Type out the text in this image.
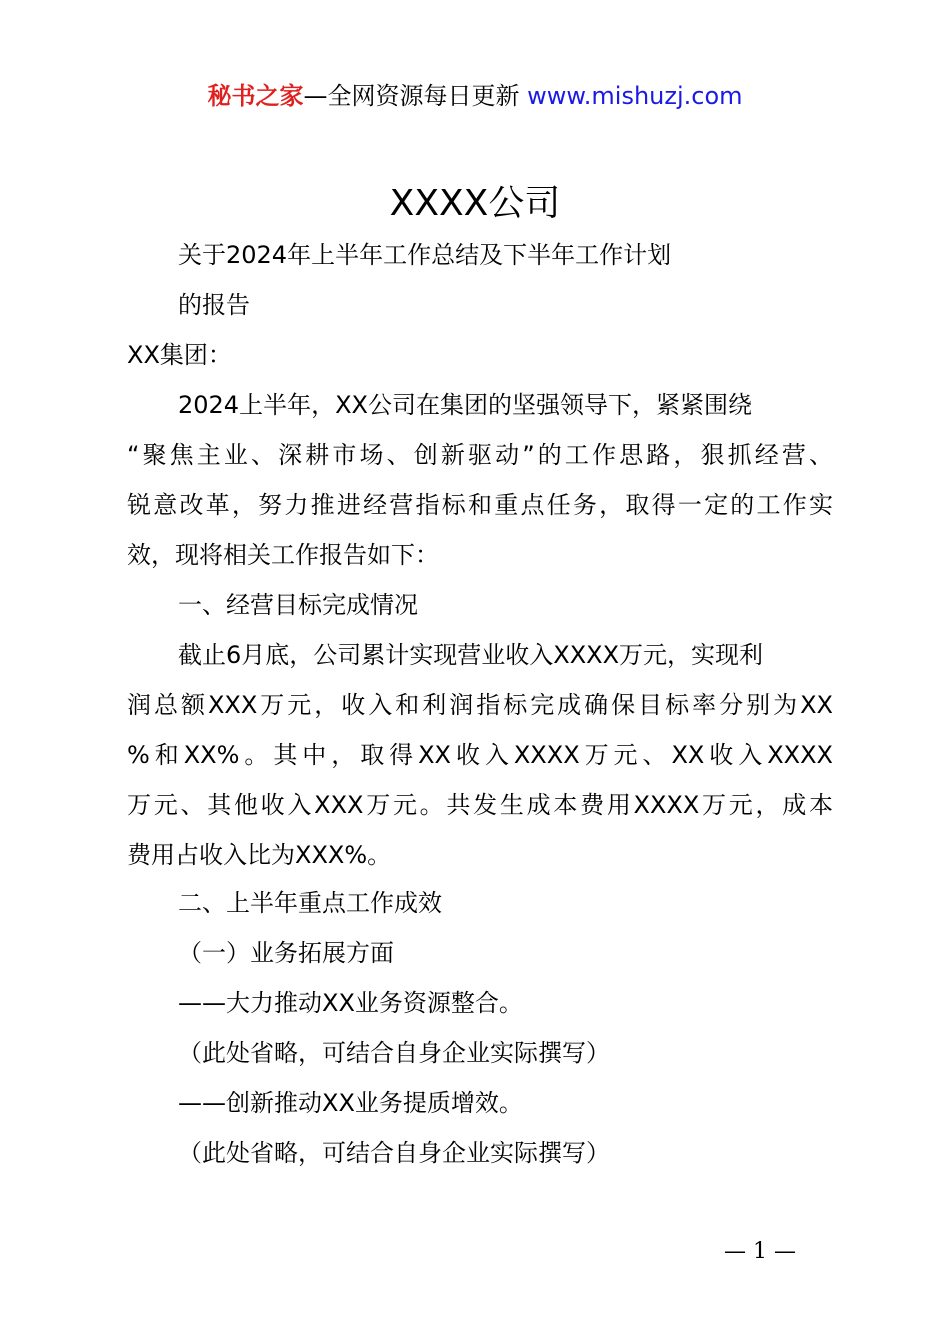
秘书之家—全网资源每日更新 www.mishuzj.com
XXXX公司
关于2024年上半年工作总结及下半年工作计划
的报告
XX集团：
2024上半年，XX公司在集团的坚强领导下，紧紧围绕
“聚焦主业、深耕市场、创新驱动”的工作思路，狠抓经营、
锐意改革，努力推进经营指标和重点任务，取得一定的工作实
效，现将相关工作报告如下：
一、经营目标完成情况
截止6月底，公司累计实现营业收入XXXX万元，实现利
润总额XXX万元，收入和利润指标完成确保目标率分别为XX
%和XX%。其中，取得XX收入XXXX万元、XX收入XXXX
万元、其他收入XXX万元。共发生成本费用XXXX万元，成本
费用占收入比为XXX%。
二、上半年重点工作成效
（一）业务拓展方面
——大力推动XX业务资源整合。
（此处省略，可结合自身企业实际撰写）
——创新推动XX业务提质增效。
（此处省略，可结合自身企业实际撰写）
— 1 —
